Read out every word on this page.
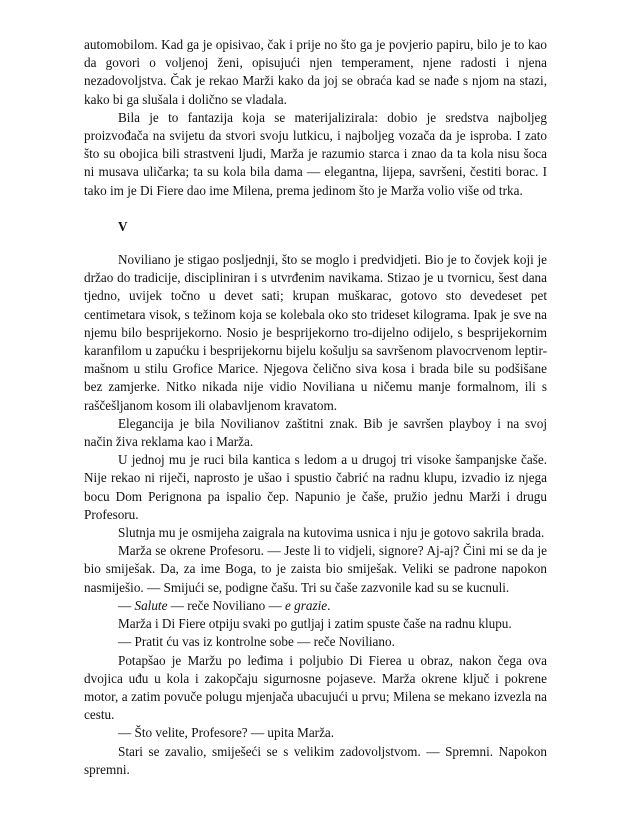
automobilom. Kad ga je opisivao, čak i prije no što ga je povjerio papiru, bilo je to kao da govori o voljenoj ženi, opisujući njen temperament, njene radosti i njena nezadovoljstva. Čak je rekao Marži kako da joj se obraća kad se nađe s njom na stazi, kako bi ga slušala i dolično se vladala.

Bila je to fantazija koja se materijalizirala: dobio je sredstva najboljeg proizvođača na svijetu da stvori svoju lutkicu, i najboljeg vozača da je isproba. I zato što su obojica bili strastveni ljudi, Marža je razumio starca i znao da ta kola nisu šoca ni musava uličarka; ta su kola bila dama — elegantna, lijepa, savršeni, čestiti borac. I tako im je Di Fiere dao ime Milena, prema jedinom što je Marža volio više od trka.

V

Noviliano je stigao posljednji, što se moglo i predvidjeti. Bio je to čovjek koji je držao do tradicije, discipliniran i s utvrđenim navikama. Stizao je u tvornicu, šest dana tjedno, uvijek točno u devet sati; krupan muškarac, gotovo sto devedeset pet centimetara visok, s težinom koja se kolebala oko sto trideset kilograma. Ipak je sve na njemu bilo besprijekorno. Nosio je besprijekorno tro-dijelno odijelo, s besprijekornim karanfilom u zapućku i besprijekornu bijelu košulju sa savršenom plavocrvenom leptir-mašnom u stilu Grofice Marice. Njegova čelično siva kosa i brada bile su podšišane bez zamjerke. Nitko nikada nije vidio Noviliana u ničemu manje formalnom, ili s raščešljanom kosom ili olabavljenom kravatom.

Elegancija je bila Novilianov zaštitni znak. Bib je savršen playboy i na svoj način živa reklama kao i Marža.

U jednoj mu je ruci bila kantica s ledom a u drugoj tri visoke šampanjske čaše. Nije rekao ni riječi, naprosto je ušao i spustio čabrić na radnu klupu, izvadio iz njega bocu Dom Perignona pa ispalio čep. Napunio je čaše, pružio jednu Marži i drugu Profesoru.

Slutnja mu je osmijeha zaigrala na kutovima usnica i nju je gotovo sakrila brada.

Marža se okrene Profesoru. — Jeste li to vidjeli, signore? Aj-aj? Čini mi se da je bio smiješak. Da, za ime Boga, to je zaista bio smiješak. Veliki se padrone napokon nasmiješio. — Smijući se, podigne čašu. Tri su čaše zazvonile kad su se kucnuli.

— Salute — reče Noviliano — e grazie.

Marža i Di Fiere otpiju svaki po gutljaj i zatim spuste čaše na radnu klupu.

— Pratit ću vas iz kontrolne sobe — reče Noviliano.

Potapšao je Maržu po leđima i poljubio Di Fierea u obraz, nakon čega ova dvojica uđu u kola i zakopčaju sigurnosne pojaseve. Marža okrene ključ i pokrene motor, a zatim povuče polugu mjenjača ubacujući u prvu; Milena se mekano izvezla na cestu.

— Što velite, Profesore? — upita Marža.

Stari se zavalio, smiješeći se s velikim zadovoljstvom. — Spremni. Napokon spremni.
